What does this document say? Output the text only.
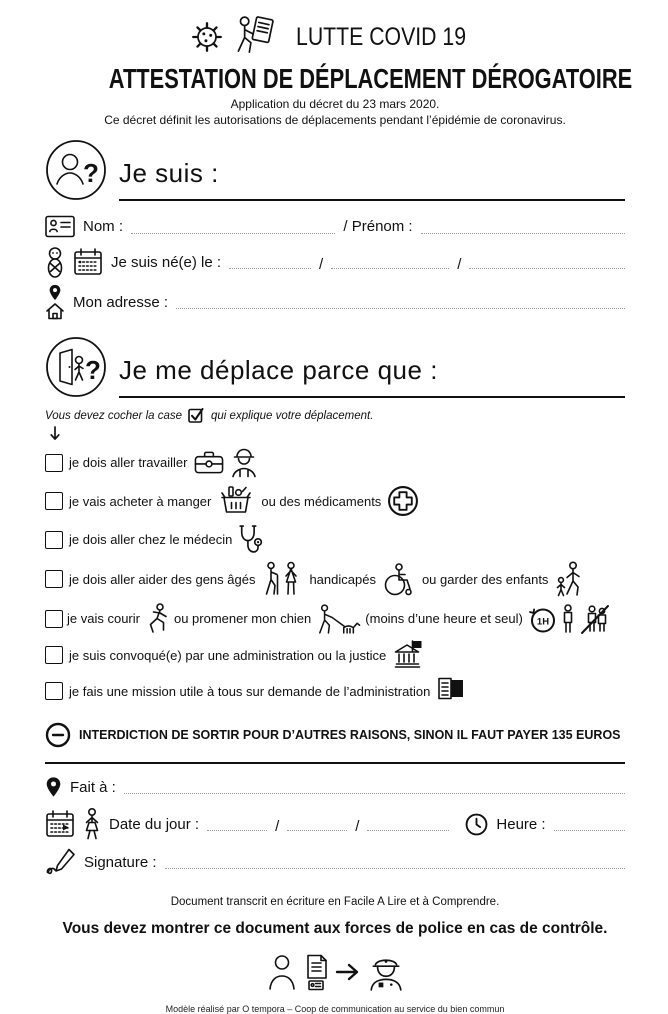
LUTTE COVID 19
ATTESTATION DE DÉPLACEMENT DÉROGATOIRE

Application du décret du 23 mars 2020.

Ce décret définit les autorisations de déplacements pendant l’épidémie de coronavirus.

? Je suis :
Nom :	/ Prénom :
Je suis né(e) le :	/	/
Mon adresse :
? Je me déplace parce que :
Vous devez cocher la case	qui explique votre déplacement.
je dois aller travailler
je vais acheter à manger	ou des médicaments
je dois aller chez le médecin
je dois aller aider des gens âgés	handicapés	ou garder des enfants
je vais courir	ou promener mon chien	(moins d’une heure et seul) 1H
je suis convoqué(e) par une administration ou la justice
je fais une mission utile à tous sur demande de l’administration
INTERDICTION DE SORTIR POUR D’AUTRES RAISONS, SINON IL FAUT PAYER 135 EUROS
Fait à :
Date du jour :	/	/	Heure :
Signature :

Document transcrit en écriture en Facile A Lire et à Comprendre.

Vous devez montrer ce document aux forces de police en cas de contrôle.

Modèle réalisé par O tempora – Coop de communication au service du bien commun
